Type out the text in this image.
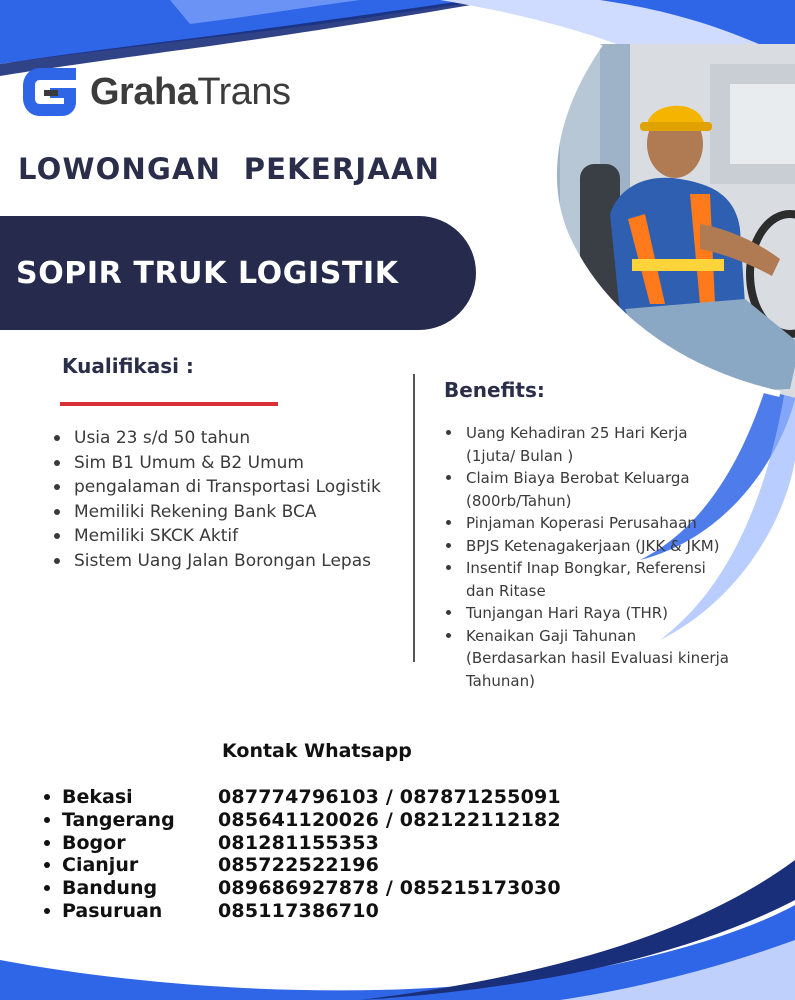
GrahaTrans
LOWONGAN  PEKERJAAN
SOPIR TRUK LOGISTIK
Kualifikasi :
Usia 23 s/d 50 tahun
Sim B1 Umum & B2 Umum
pengalaman di Transportasi Logistik
Memiliki Rekening Bank BCA
Memiliki SKCK Aktif
Sistem Uang Jalan Borongan Lepas
Benefits:
Uang Kehadiran 25 Hari Kerja
(1juta/ Bulan )
Claim Biaya Berobat Keluarga
(800rb/Tahun)
Pinjaman Koperasi Perusahaan
BPJS Ketenagakerjaan (JKK & JKM)
Insentif Inap Bongkar, Referensi
dan Ritase
Tunjangan Hari Raya (THR)
Kenaikan Gaji Tahunan
(Berdasarkan hasil Evaluasi kinerja
Tahunan)
Kontak Whatsapp
Bekasi	087774796103 / 087871255091
Tangerang	085641120026 / 082122112182
Bogor	081281155353
Cianjur	085722522196
Bandung	089686927878 / 085215173030
Pasuruan	085117386710
